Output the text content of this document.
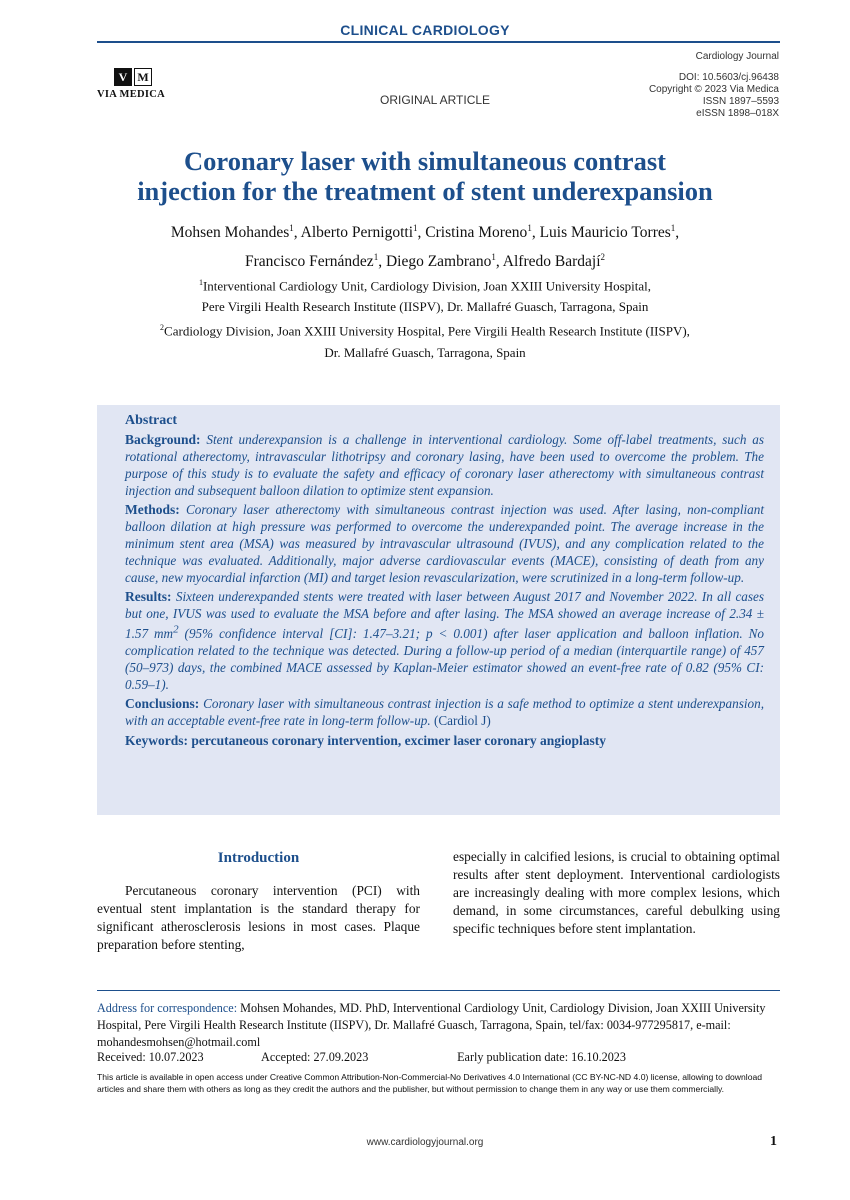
CLINICAL CARDIOLOGY
V M
VIA MEDICA	ORIGINAL ARTICLE
Cardiology Journal
DOI: 10.5603/cj.96438
Copyright © 2023 Via Medica
ISSN 1897–5593
eISSN 1898–018X
Coronary laser with simultaneous contrast
injection for the treatment of stent underexpansion
Mohsen Mohandes$^1$, Alberto Pernigotti$^1$, Cristina Moreno$^1$, Luis Mauricio Torres$^1$,
Francisco Fernández$^1$, Diego Zambrano$^1$, Alfredo Bardají$^2$
$^1$Interventional Cardiology Unit, Cardiology Division, Joan XXIII University Hospital,
Pere Virgili Health Research Institute (IISPV), Dr. Mallafré Guasch, Tarragona, Spain
$^2$Cardiology Division, Joan XXIII University Hospital, Pere Virgili Health Research Institute (IISPV),
Dr. Mallafré Guasch, Tarragona, Spain
Abstract

Background: Stent underexpansion is a challenge in interventional cardiology. Some off-label treatments, such as rotational atherectomy, intravascular lithotripsy and coronary lasing, have been used to overcome the problem. The purpose of this study is to evaluate the safety and efficacy of coronary laser atherectomy with simultaneous contrast injection and subsequent balloon dilation to optimize stent expansion.

Methods: Coronary laser atherectomy with simultaneous contrast injection was used. After lasing, non-compliant balloon dilation at high pressure was performed to overcome the underexpanded point. The average increase in the minimum stent area (MSA) was measured by intravascular ultrasound (IVUS), and any complication related to the technique was evaluated. Additionally, major adverse cardiovascular events (MACE), consisting of death from any cause, new myocardial infarction (MI) and target lesion revascularization, were scrutinized in a long-term follow-up.

Results: Sixteen underexpanded stents were treated with laser between August 2017 and November 2022. In all cases but one, IVUS was used to evaluate the MSA before and after lasing. The MSA showed an average increase of 2.34 ± 1.57 $mm^2$ (95% confidence interval [CI]: 1.47–3.21; p < 0.001) after laser application and balloon inflation. No complication related to the technique was detected. During a follow-up period of a median (interquartile range) of 457 (50–973) days, the combined MACE assessed by Kaplan-Meier estimator showed an event-free rate of 0.82 (95% CI: 0.59–1).

Conclusions: Coronary laser with simultaneous contrast injection is a safe method to optimize a stent underexpansion, with an acceptable event-free rate in long-term follow-up. (Cardiol J)

Keywords: percutaneous coronary intervention, excimer laser coronary angioplasty
Introduction

Percutaneous coronary intervention (PCI) with eventual stent implantation is the standard therapy for significant atherosclerosis lesions in most cases. Plaque preparation before stenting,

especially in calcified lesions, is crucial to obtaining optimal results after stent deployment. Interventional cardiologists are increasingly dealing with more complex lesions, which demand, in some circumstances, careful debulking using specific techniques before stent implantation.

Address for correspondence: Mohsen Mohandes, MD. PhD, Interventional Cardiology Unit, Cardiology Division, Joan XXIII University Hospital, Pere Virgili Health Research Institute (IISPV), Dr. Mallafré Guasch, Tarragona, Spain, tel/fax: 0034-977295817, e-mail: mohandesmohsen@hotmail.coml
Received: 10.07.2023	Accepted: 27.09.2023	Early publication date: 16.10.2023
This article is available in open access under Creative Common Attribution-Non-Commercial-No Derivatives 4.0 International (CC BY-NC-ND 4.0) license, allowing to download articles and share them with others as long as they credit the authors and the publisher, but without permission to change them in any way or use them commercially.
www.cardiologyjournal.org	1
